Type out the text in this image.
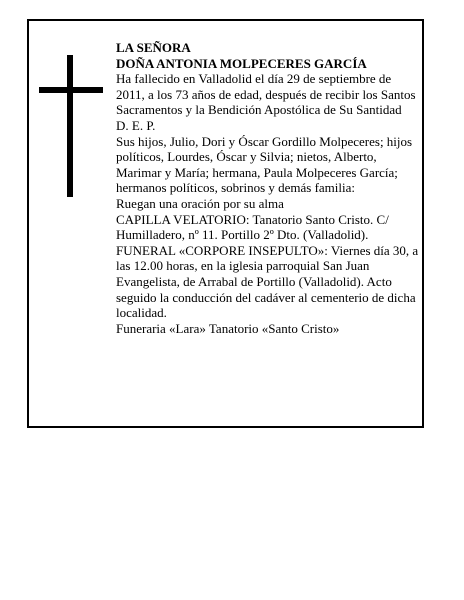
LA SEÑORA

DOÑA ANTONIA MOLPECERES GARCÍA

Ha fallecido en Valladolid el día 29 de septiembre de 2011, a los 73 años de edad, después de recibir los Santos Sacramentos y la Bendición Apostólica de Su Santidad

D. E. P.

Sus hijos, Julio, Dori y Óscar Gordillo Molpeceres; hijos políticos, Lourdes, Óscar y Silvia; nietos, Alberto, Marimar y María; hermana, Paula Molpeceres García; hermanos políticos, sobrinos y demás familia:

Ruegan una oración por su alma

CAPILLA VELATORIO: Tanatorio Santo Cristo. C/ Humilladero, nº 11. Portillo 2º Dto. (Valladolid).

FUNERAL «CORPORE INSEPULTO»: Viernes día 30, a las 12.00 horas, en la iglesia parroquial San Juan Evangelista, de Arrabal de Portillo (Valladolid). Acto seguido la conducción del cadáver al cementerio de dicha localidad.

Funeraria «Lara» Tanatorio «Santo Cristo»
